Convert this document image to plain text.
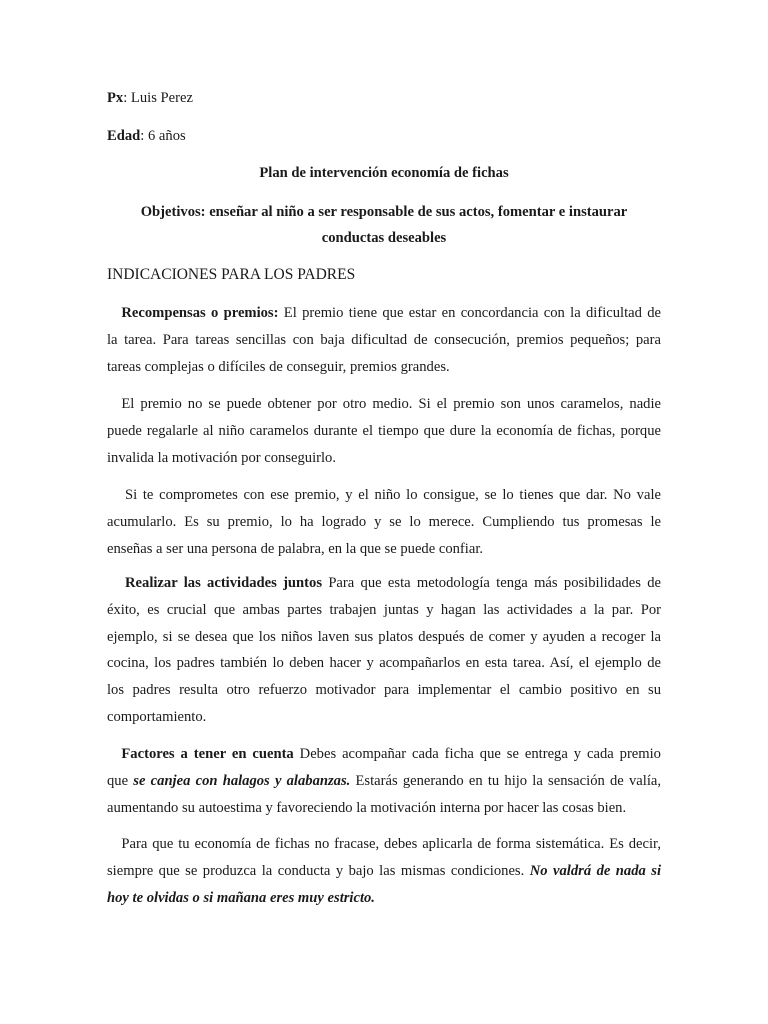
Px: Luis Perez
Edad: 6 años
Plan de intervención economía de fichas
Objetivos: enseñar al niño a ser responsable de sus actos, fomentar e instaurar
conductas deseables
INDICACIONES PARA LOS PADRES
Recompensas o premios: El premio tiene que estar en concordancia con la dificultad de
la tarea. Para tareas sencillas con baja dificultad de consecución, premios pequeños; para
tareas complejas o difíciles de conseguir, premios grandes.
El premio no se puede obtener por otro medio. Si el premio son unos caramelos, nadie
puede regalarle al niño caramelos durante el tiempo que dure la economía de fichas, porque
invalida la motivación por conseguirlo.
Si te comprometes con ese premio, y el niño lo consigue, se lo tienes que dar. No vale
acumularlo. Es su premio, lo ha logrado y se lo merece. Cumpliendo tus promesas le
enseñas a ser una persona de palabra, en la que se puede confiar.
Realizar las actividades juntos Para que esta metodología tenga más posibilidades de
éxito, es crucial que ambas partes trabajen juntas y hagan las actividades a la par. Por
ejemplo, si se desea que los niños laven sus platos después de comer y ayuden a recoger la
cocina, los padres también lo deben hacer y acompañarlos en esta tarea. Así, el ejemplo de
los padres resulta otro refuerzo motivador para implementar el cambio positivo en su
comportamiento.
Factores a tener en cuenta Debes acompañar cada ficha que se entrega y cada premio
que se canjea con halagos y alabanzas. Estarás generando en tu hijo la sensación de valía,
aumentando su autoestima y favoreciendo la motivación interna por hacer las cosas bien.
Para que tu economía de fichas no fracase, debes aplicarla de forma sistemática. Es decir,
siempre que se produzca la conducta y bajo las mismas condiciones. No valdrá de nada si
hoy te olvidas o si mañana eres muy estricto.
